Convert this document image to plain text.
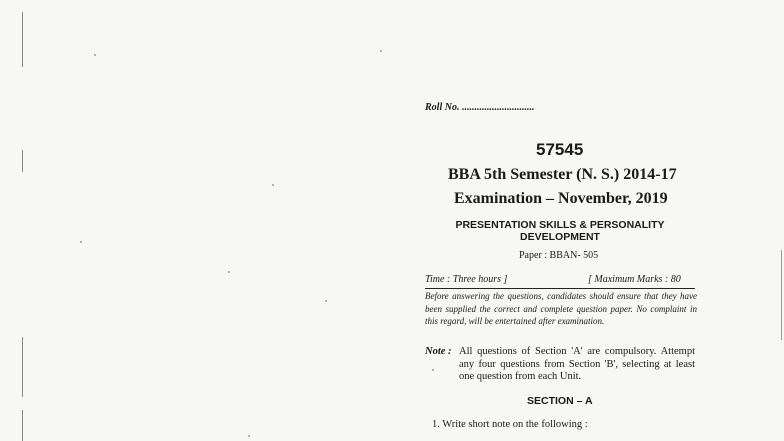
Roll No. .............................
57545
BBA 5th Semester (N. S.) 2014-17
Examination – November, 2019
PRESENTATION SKILLS & PERSONALITY DEVELOPMENT
Paper : BBAN- 505
Time : Three hours ]	[ Maximum Marks : 80
Before answering the questions, candidates should ensure that they have been supplied the correct and complete question paper. No complaint in this regard, will be entertained after examination.
Note : All questions of Section 'A' are compulsory. Attempt any four questions from Section 'B', selecting at least one question from each Unit.
SECTION – A
1. Write short note on the following :
